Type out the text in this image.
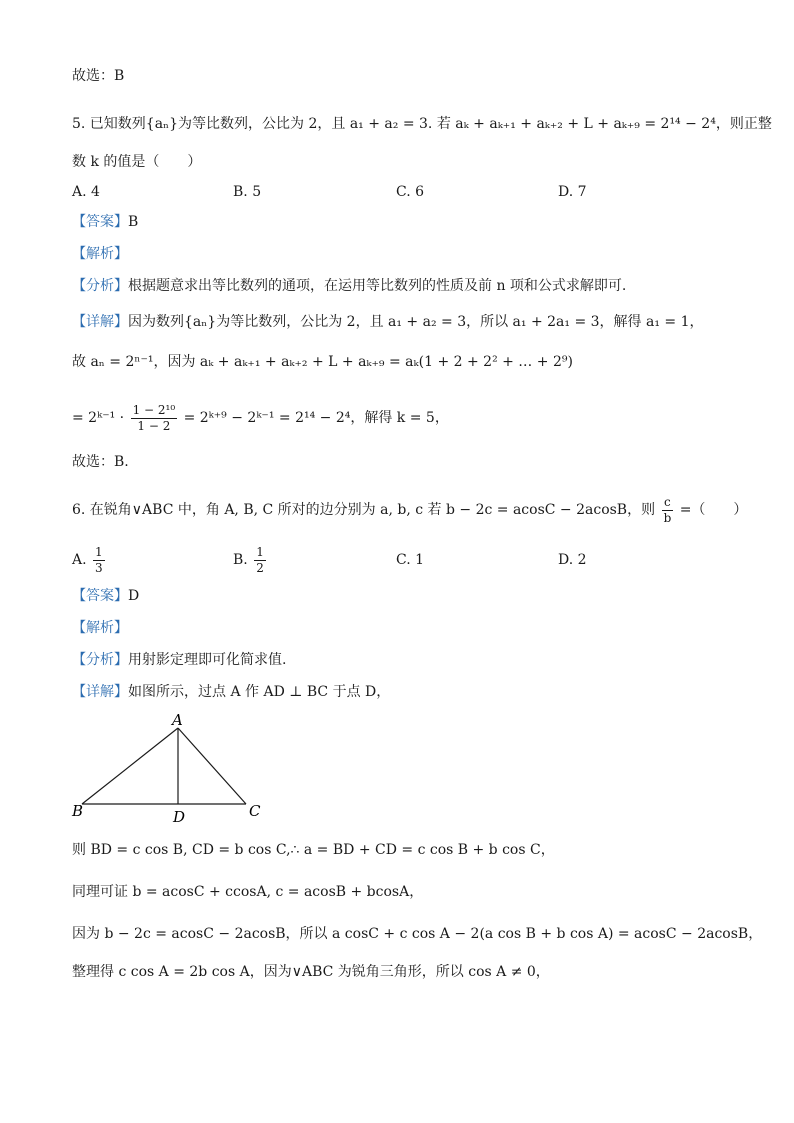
故选：B
5. 已知数列{aₙ}为等比数列，公比为 2，且 a₁ + a₂ = 3. 若 aₖ + aₖ₊₁ + aₖ₊₂ + L + aₖ₊₉ = 2¹⁴ − 2⁴，则正整
数 k 的值是（　　）
A. 4	B. 5	C. 6	D. 7
【答案】B
【解析】
【分析】根据题意求出等比数列的通项，在运用等比数列的性质及前 n 项和公式求解即可.
【详解】因为数列{aₙ}为等比数列，公比为 2，且 a₁ + a₂ = 3，所以 a₁ + 2a₁ = 3，解得 a₁ = 1，
故 aₙ = 2ⁿ⁻¹，因为 aₖ + aₖ₊₁ + aₖ₊₂ + L + aₖ₊₉ = aₖ(1 + 2 + 2² + … + 2⁹)
= 2ᵏ⁻¹ · $\frac{\text{1 − 2¹⁰}}{1 - 2}$ = 2ᵏ⁺⁹ − 2ᵏ⁻¹ = 2¹⁴ − 2⁴，解得 k = 5，
故选：B.
6. 在锐角∨ABC 中，角 A, B, C 所对的边分别为 a, b, c 若 b − 2c = acosC − 2acosB，则 $\frac{c}{b}$ =（　　）
A. $\frac{1}{3}$	B. $\frac{1}{2}$	C. 1	D. 2
【答案】D
【解析】
【分析】用射影定理即可化简求值.
【详解】如图所示，过点 A 作 AD ⊥ BC 于点 D，
A
B	C
D
则 BD = c cos B, CD = b cos C,∴ a = BD + CD = c cos B + b cos C，
同理可证 b = acosC + ccosA, c = acosB + bcosA，
因为 b − 2c = acosC − 2acosB，所以 a cosC + c cos A − 2(a cos B + b cos A) = acosC − 2acosB，
整理得 c cos A = 2b cos A，因为∨ABC 为锐角三角形，所以 cos A ≠ 0，
